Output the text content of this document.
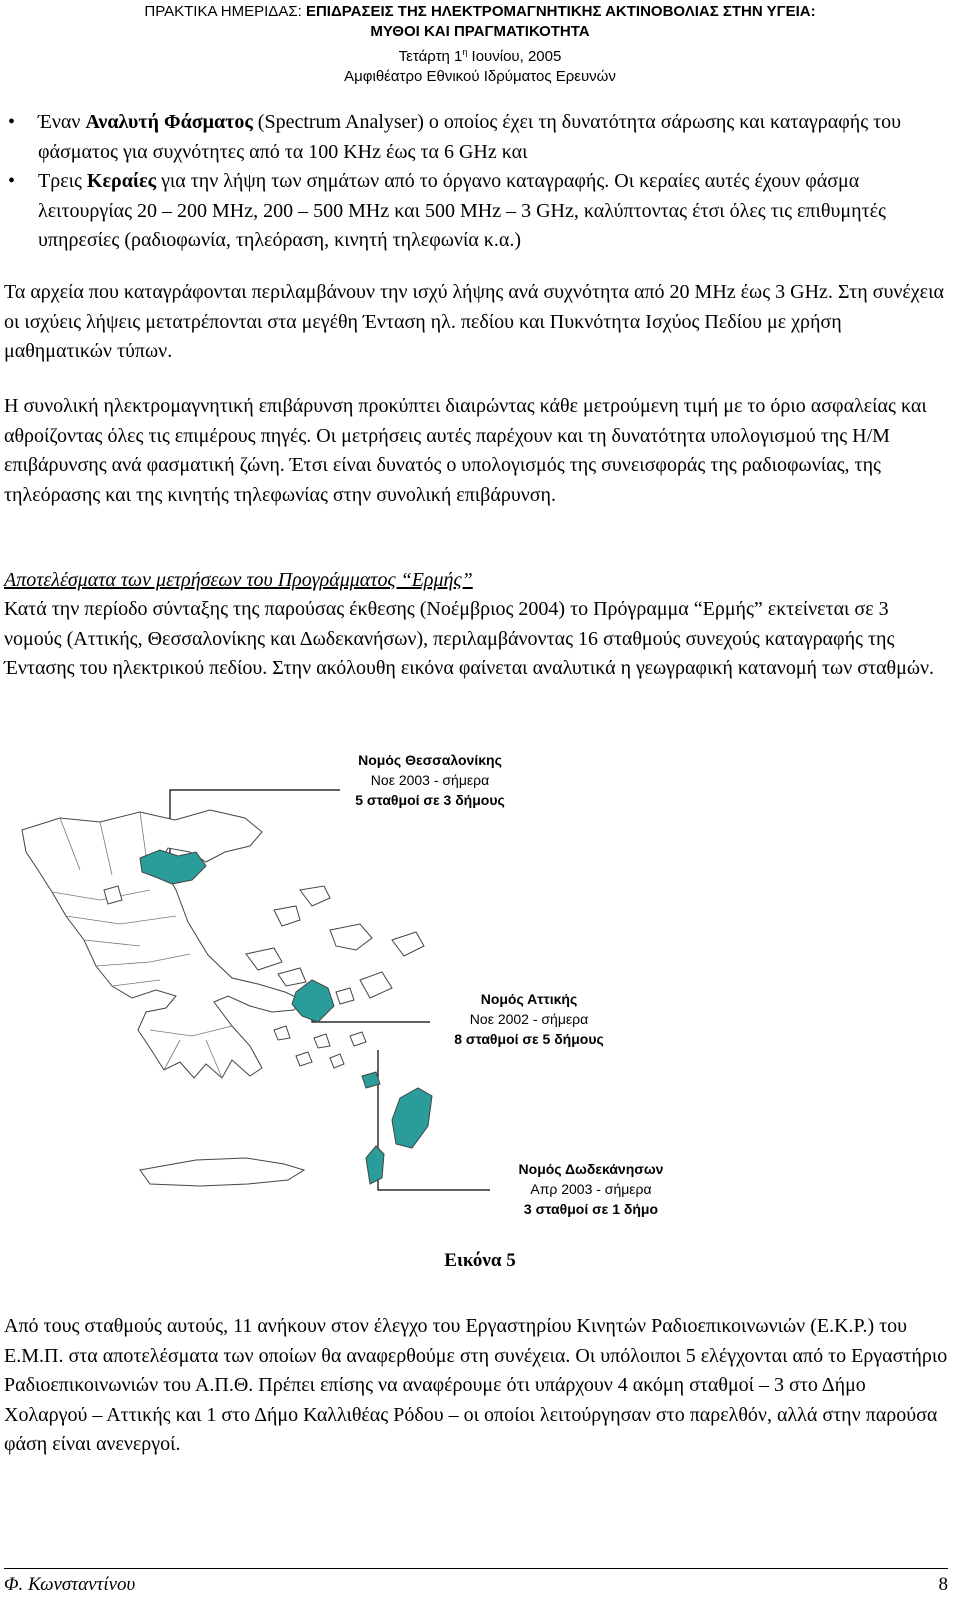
ΠΡΑΚΤΙΚΑ ΗΜΕΡΙΔΑΣ: ΕΠΙΔΡΑΣΕΙΣ ΤΗΣ ΗΛΕΚΤΡΟΜΑΓΝΗΤΙΚΗΣ ΑΚΤΙΝΟΒΟΛΙΑΣ ΣΤΗΝ ΥΓΕΙΑ:
ΜΥΘΟΙ ΚΑΙ ΠΡΑΓΜΑΤΙΚΟΤΗΤΑ
Τετάρτη $1^\eta$ Ιουνίου, 2005
Αμφιθέατρο Εθνικού Ιδρύματος Ερευνών
• Έναν Αναλυτή Φάσματος (Spectrum Analyser) ο οποίος έχει τη δυνατότητα σάρωσης και καταγραφής του φάσματος για συχνότητες από τα 100 KHz έως τα 6 GHz και
• Τρεις Κεραίες για την λήψη των σημάτων από το όργανο καταγραφής. Οι κεραίες αυτές έχουν φάσμα λειτουργίας 20 – 200 MHz, 200 – 500 MHz και 500 MHz – 3 GHz, καλύπτοντας έτσι όλες τις επιθυμητές υπηρεσίες (ραδιοφωνία, τηλεόραση, κινητή τηλεφωνία κ.α.)

Τα αρχεία που καταγράφονται περιλαμβάνουν την ισχύ λήψης ανά συχνότητα από 20 MHz έως 3 GHz. Στη συνέχεια οι ισχύεις λήψεις μετατρέπονται στα μεγέθη Ένταση ηλ. πεδίου και Πυκνότητα Ισχύος Πεδίου με χρήση μαθηματικών τύπων.

Η συνολική ηλεκτρομαγνητική επιβάρυνση προκύπτει διαιρώντας κάθε μετρούμενη τιμή με το όριο ασφαλείας και αθροίζοντας όλες τις επιμέρους πηγές. Οι μετρήσεις αυτές παρέχουν και τη δυνατότητα υπολογισμού της Η/Μ επιβάρυνσης ανά φασματική ζώνη. Έτσι είναι δυνατός ο υπολογισμός της συνεισφοράς της ραδιοφωνίας, της τηλεόρασης και της κινητής τηλεφωνίας στην συνολική επιβάρυνση.

Αποτελέσματα των μετρήσεων του Προγράμματος “Ερμής”

Κατά την περίοδο σύνταξης της παρούσας έκθεσης (Νοέμβριος 2004) το Πρόγραμμα “Ερμής” εκτείνεται σε 3 νομούς (Αττικής, Θεσσαλονίκης και Δωδεκανήσων), περιλαμβάνοντας 16 σταθμούς συνεχούς καταγραφής της Έντασης του ηλεκτρικού πεδίου. Στην ακόλουθη εικόνα φαίνεται αναλυτικά η γεωγραφική κατανομή των σταθμών.

Νομός Θεσσαλονίκης
Νοε 2003 - σήμερα
5 σταθμοί σε 3 δήμους
Νομός Αττικής
Νοε 2002 - σήμερα
8 σταθμοί σε 5 δήμους
Νομός Δωδεκάνησων
Απρ 2003 - σήμερα
3 σταθμοί σε 1 δήμο
Εικόνα 5

Από τους σταθμούς αυτούς, 11 ανήκουν στον έλεγχο του Εργαστηρίου Κινητών Ραδιοεπικοινωνιών (Ε.Κ.Ρ.) του Ε.Μ.Π. στα αποτελέσματα των οποίων θα αναφερθούμε στη συνέχεια. Οι υπόλοιποι 5 ελέγχονται από το Εργαστήριο Ραδιοεπικοινωνιών του Α.Π.Θ. Πρέπει επίσης να αναφέρουμε ότι υπάρχουν 4 ακόμη σταθμοί – 3 στο Δήμο Χολαργού – Αττικής και 1 στο Δήμο Καλλιθέας Ρόδου – οι οποίοι λειτούργησαν στο παρελθόν, αλλά στην παρούσα φάση είναι ανενεργοί.

Φ. Κωνσταντίνου	8
